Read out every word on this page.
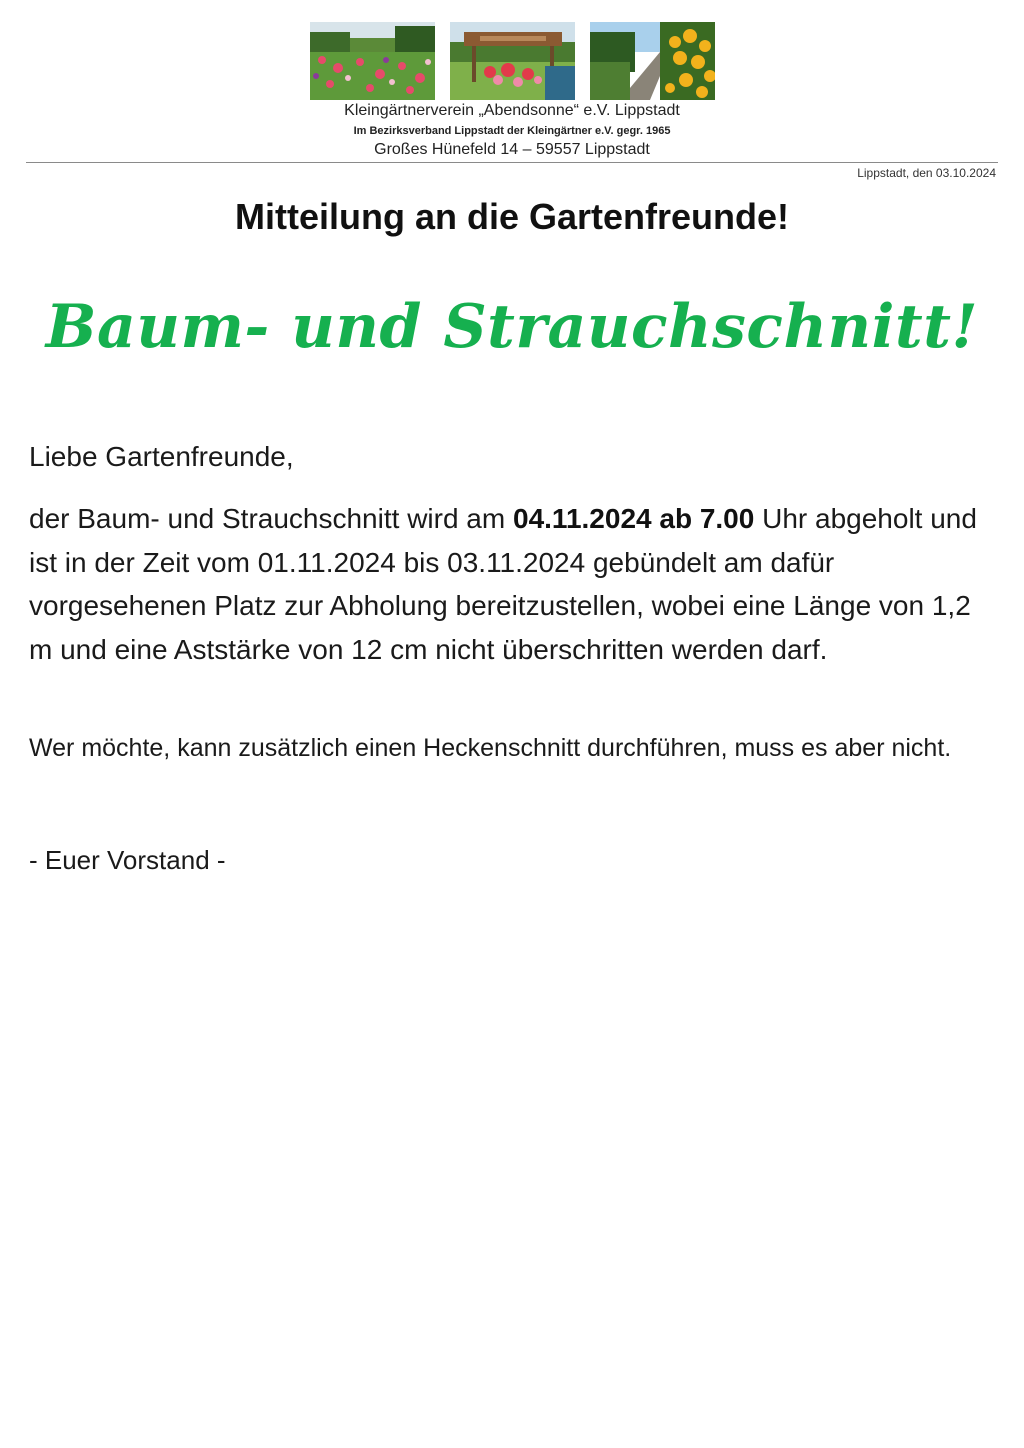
Kleingärtnerverein „Abendsonne“ e.V. Lippstadt
Im Bezirksverband Lippstadt der Kleingärtner e.V. gegr. 1965
Großes Hünefeld 14 – 59557 Lippstadt
Lippstadt, den 03.10.2024
Mitteilung an die Gartenfreunde!
Baum- und Strauchschnitt!
Liebe Gartenfreunde,
der Baum- und Strauchschnitt wird am 04.11.2024 ab 7.00 Uhr abgeholt und ist in der Zeit vom 01.11.2024 bis 03.11.2024 gebündelt am dafür vorgesehenen Platz zur Abholung bereitzustellen, wobei eine Länge von 1,2 m und eine Aststärke von 12 cm nicht überschritten werden darf.
Wer möchte, kann zusätzlich einen Heckenschnitt durchführen, muss es aber nicht.
- Euer Vorstand -
